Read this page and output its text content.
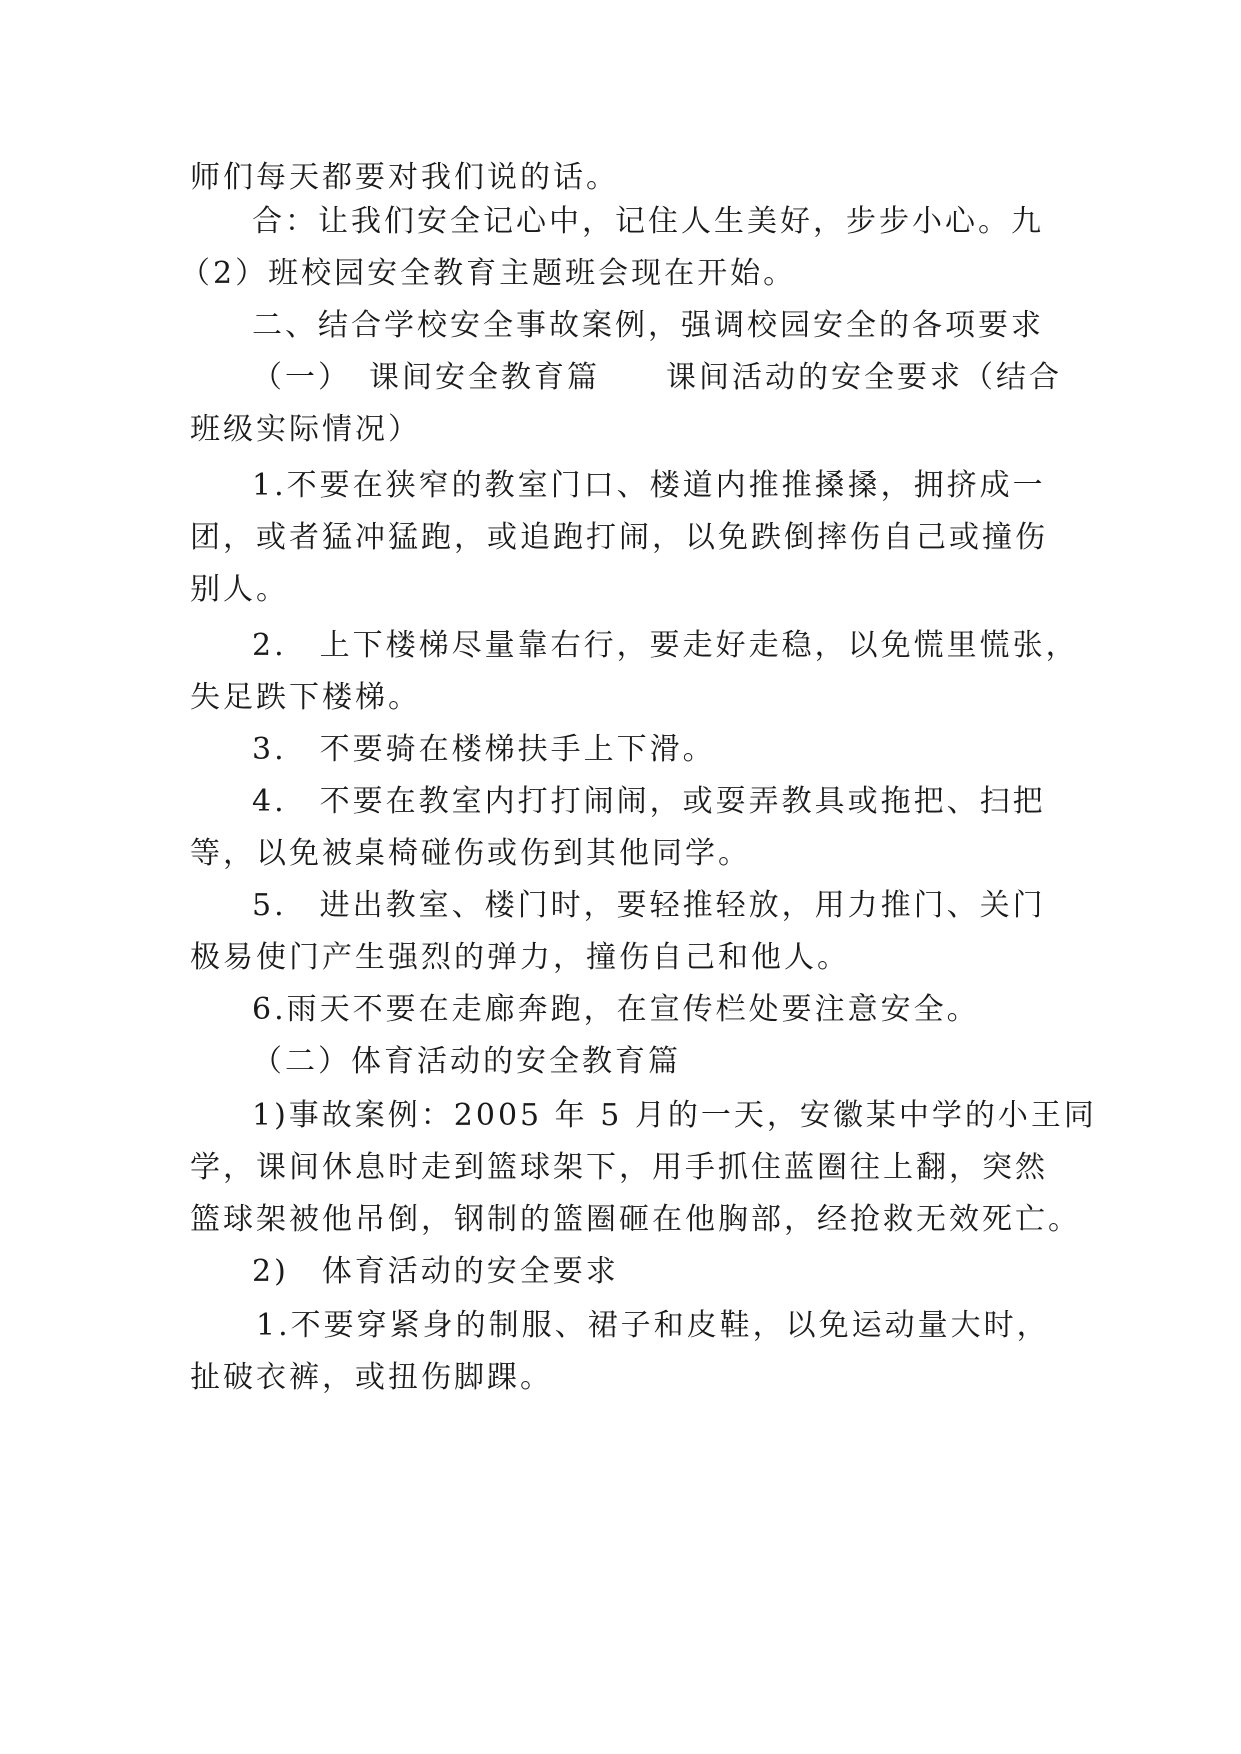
师们每天都要对我们说的话。
合：让我们安全记心中，记住人生美好，步步小心。九
（2）班校园安全教育主题班会现在开始。
二、结合学校安全事故案例，强调校园安全的各项要求
（一）　课间安全教育篇　　课间活动的安全要求（结合
班级实际情况）
1.不要在狭窄的教室门口、楼道内推推搡搡，拥挤成一
团，或者猛冲猛跑，或追跑打闹，以免跌倒摔伤自己或撞伤
别人。
2.　上下楼梯尽量靠右行，要走好走稳，以免慌里慌张，
失足跌下楼梯。
3.　不要骑在楼梯扶手上下滑。
4.　不要在教室内打打闹闹，或耍弄教具或拖把、扫把
等，以免被桌椅碰伤或伤到其他同学。
5.　进出教室、楼门时，要轻推轻放，用力推门、关门
极易使门产生强烈的弹力，撞伤自己和他人。
6.雨天不要在走廊奔跑，在宣传栏处要注意安全。
（二）体育活动的安全教育篇
1)事故案例：2005 年 5 月的一天，安徽某中学的小王同
学，课间休息时走到篮球架下，用手抓住蓝圈往上翻，突然
篮球架被他吊倒，钢制的篮圈砸在他胸部，经抢救无效死亡。
2)　体育活动的安全要求
1.不要穿紧身的制服、裙子和皮鞋，以免运动量大时，
扯破衣裤，或扭伤脚踝。
